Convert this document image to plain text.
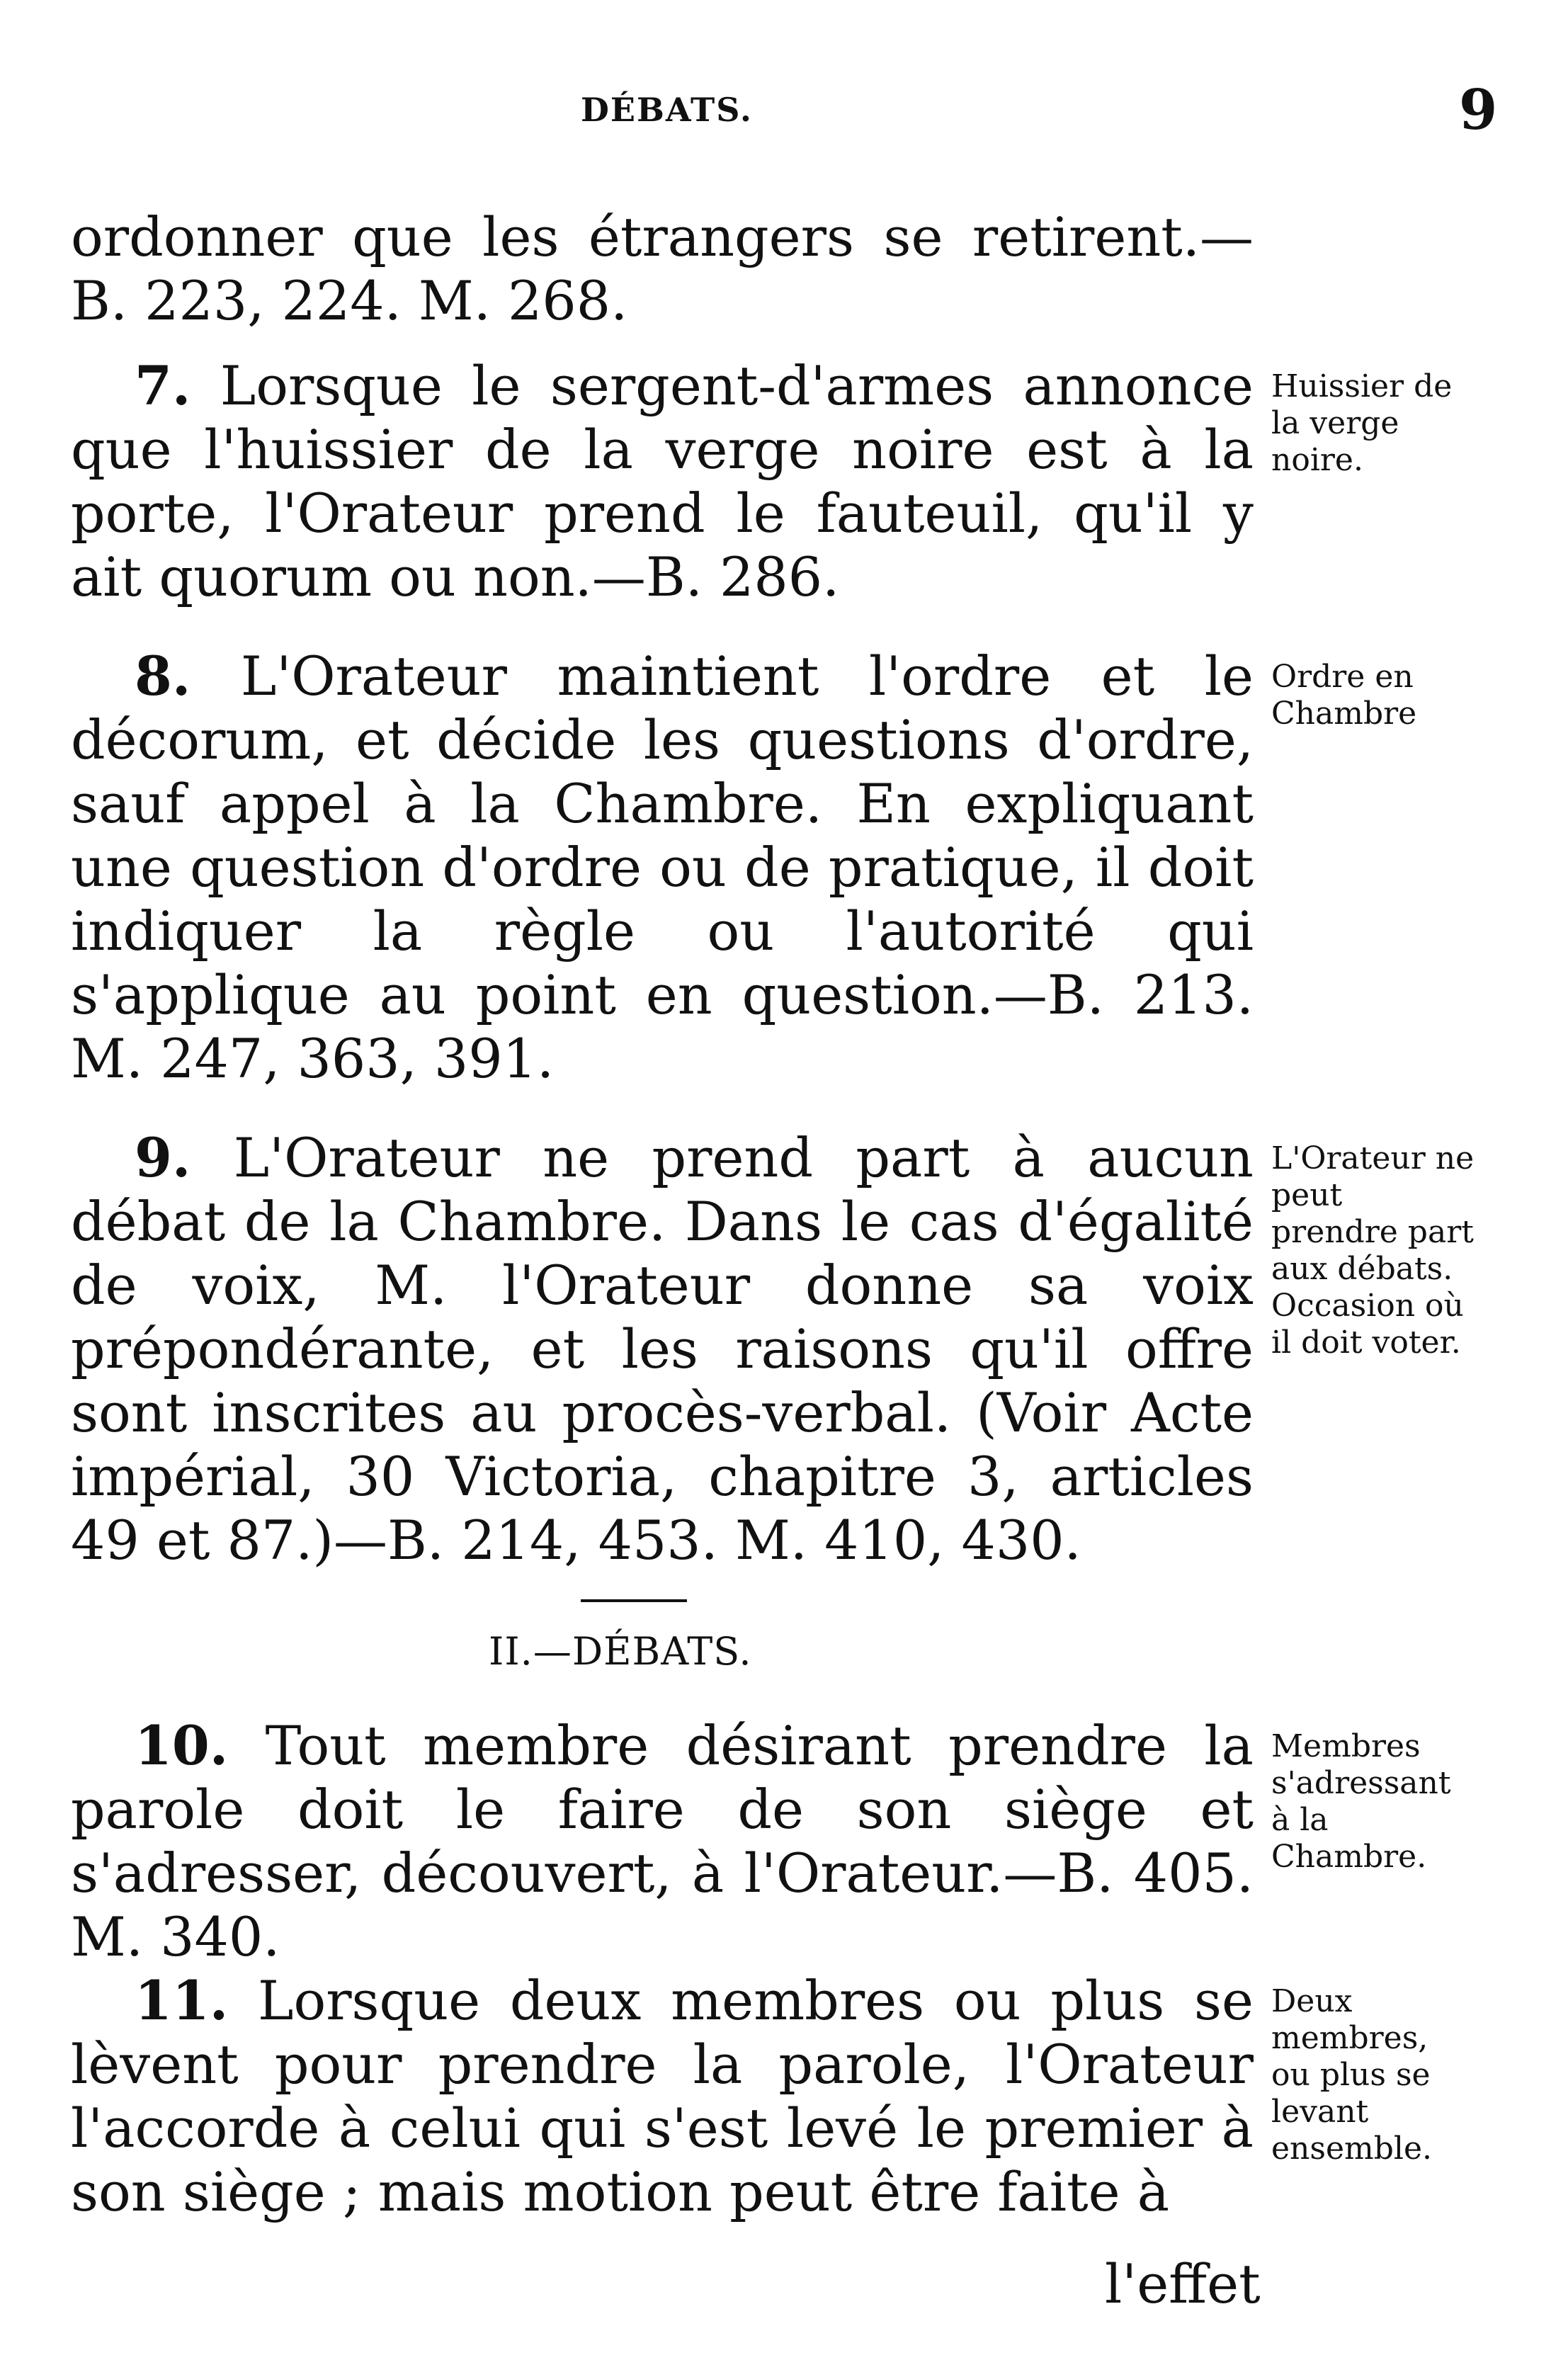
DÉBATS.	9

ordonner que les étrangers se retirent.— B. 223, 224. M. 268.

7. Lorsque le sergent-d'armes annonce que l'huissier de la verge noire est à la porte, l'Orateur prend le fauteuil, qu'il y ait quorum ou non.—B. 286.

Huissier de la verge noire.

8. L'Orateur maintient l'ordre et le décorum, et décide les questions d'ordre, sauf appel à la Chambre. En expliquant une question d'ordre ou de pratique, il doit indiquer la règle ou l'autorité qui s'applique au point en question.—B. 213. M. 247, 363, 391.

Ordre en Chambre

9. L'Orateur ne prend part à aucun débat de la Chambre. Dans le cas d'égalité de voix, M. l'Orateur donne sa voix prépondérante, et les raisons qu'il offre sont inscrites au procès-verbal. (Voir Acte impérial, 30 Victoria, chapitre 3, articles 49 et 87.)—B. 214, 453. M. 410, 430.

L'Orateur ne peut prendre part aux débats. Occasion où il doit voter.

II.—DÉBATS.

10. Tout membre désirant prendre la parole doit le faire de son siège et s'adresser, découvert, à l'Orateur.—B. 405. M. 340.

Membres s'adressant à la Chambre.

11. Lorsque deux membres ou plus se lèvent pour prendre la parole, l'Orateur l'accorde à celui qui s'est levé le premier à son siège ; mais motion peut être faite à

Deux membres, ou plus se levant ensemble.

l'effet
